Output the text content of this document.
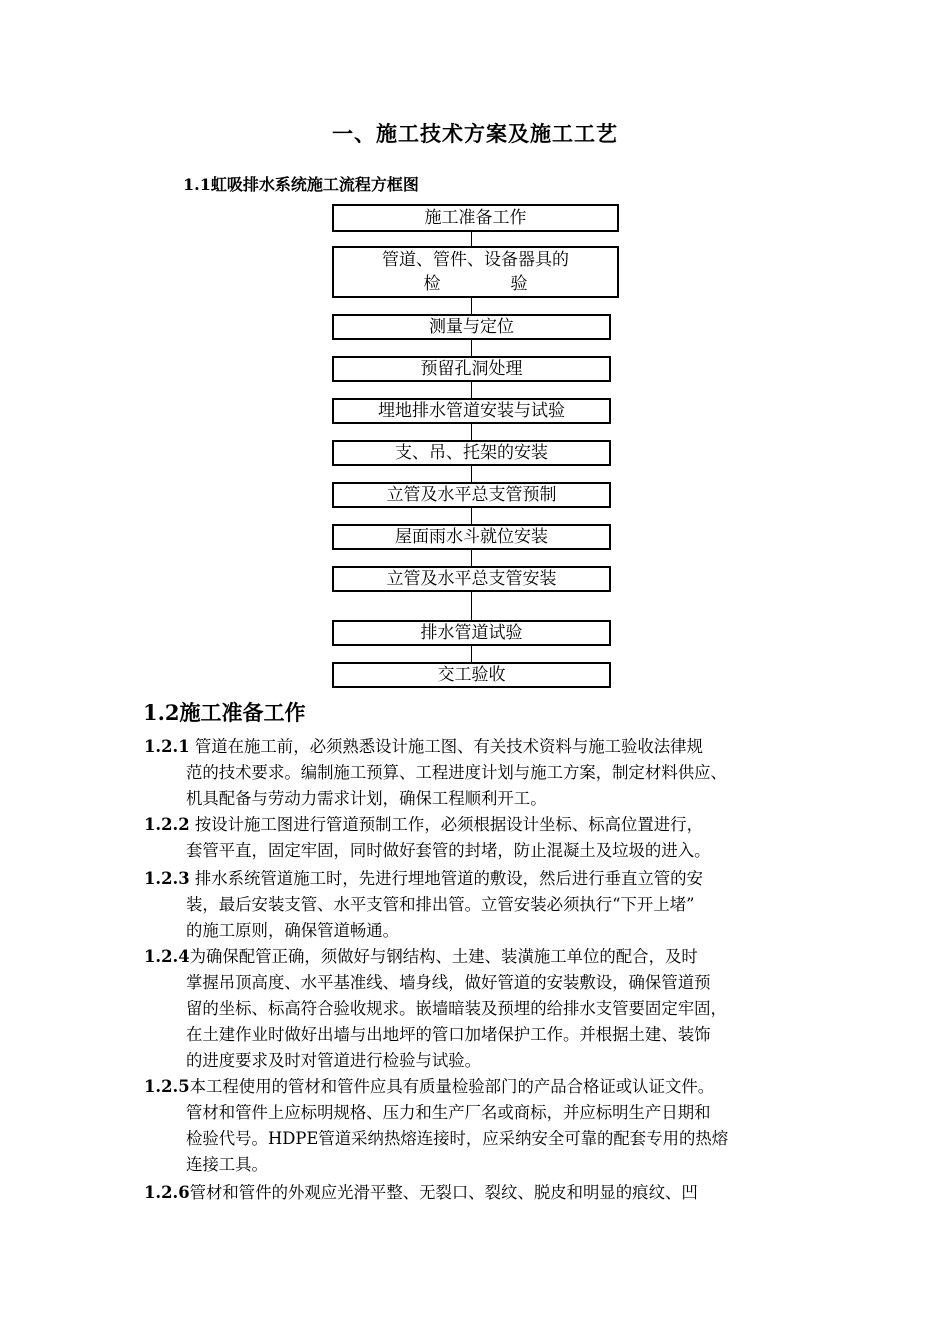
一、施工技术方案及施工工艺
1.1虹吸排水系统施工流程方框图
施工准备工作
管道、管件、设备器具的
检	验
测量与定位
预留孔洞处理
埋地排水管道安装与试验
支、吊、托架的安装
立管及水平总支管预制
屋面雨水斗就位安装
立管及水平总支管安装
排水管道试验
交工验收
1.2施工准备工作
1.2.1 管道在施工前，必须熟悉设计施工图、有关技术资料与施工验收法律规
范的技术要求。编制施工预算、工程进度计划与施工方案，制定材料供应、
机具配备与劳动力需求计划，确保工程顺利开工。
1.2.2 按设计施工图进行管道预制工作，必须根据设计坐标、标高位置进行，
套管平直，固定牢固，同时做好套管的封堵，防止混凝土及垃圾的进入。
1.2.3 排水系统管道施工时，先进行埋地管道的敷设，然后进行垂直立管的安
装，最后安装支管、水平支管和排出管。立管安装必须执行“下开上堵”
的施工原则，确保管道畅通。
1.2.4为确保配管正确，须做好与钢结构、土建、装潢施工单位的配合，及时
掌握吊顶高度、水平基准线、墙身线，做好管道的安装敷设，确保管道预
留的坐标、标高符合验收规求。嵌墙暗装及预埋的给排水支管要固定牢固，
在土建作业时做好出墙与出地坪的管口加堵保护工作。并根据土建、装饰
的进度要求及时对管道进行检验与试验。
1.2.5本工程使用的管材和管件应具有质量检验部门的产品合格证或认证文件。
管材和管件上应标明规格、压力和生产厂名或商标，并应标明生产日期和
检验代号。HDPE管道采纳热熔连接时，应采纳安全可靠的配套专用的热熔
连接工具。
1.2.6管材和管件的外观应光滑平整、无裂口、裂纹、脱皮和明显的痕纹、凹
